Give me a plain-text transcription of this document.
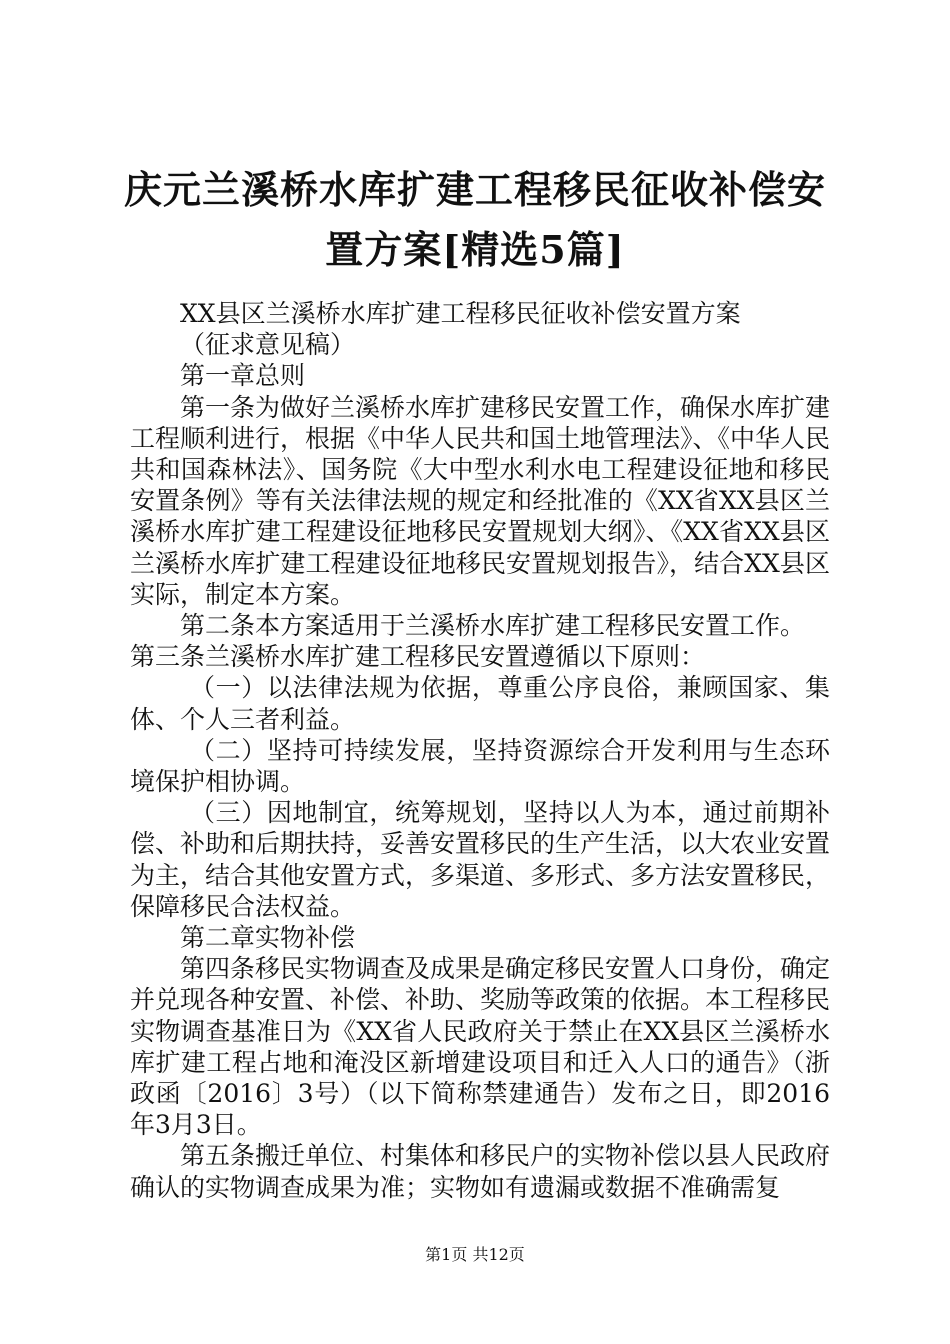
庆元兰溪桥水库扩建工程移民征收补偿安置方案[精选5篇]

XX县区兰溪桥水库扩建工程移民征收补偿安置方案

（征求意见稿）

第一章总则

第一条为做好兰溪桥水库扩建移民安置工作，确保水库扩建工程顺利进行，根据《中华人民共和国土地管理法》、《中华人民共和国森林法》、国务院《大中型水利水电工程建设征地和移民安置条例》等有关法律法规的规定和经批准的《XX省XX县区兰溪桥水库扩建工程建设征地移民安置规划大纲》、《XX省XX县区兰溪桥水库扩建工程建设征地移民安置规划报告》，结合XX县区实际，制定本方案。

第二条本方案适用于兰溪桥水库扩建工程移民安置工作。

第三条兰溪桥水库扩建工程移民安置遵循以下原则：

（一）以法律法规为依据，尊重公序良俗，兼顾国家、集体、个人三者利益。

（二）坚持可持续发展，坚持资源综合开发利用与生态环境保护相协调。

（三）因地制宜，统筹规划，坚持以人为本，通过前期补偿、补助和后期扶持，妥善安置移民的生产生活，以大农业安置为主，结合其他安置方式，多渠道、多形式、多方法安置移民，保障移民合法权益。

第二章实物补偿

第四条移民实物调查及成果是确定移民安置人口身份，确定并兑现各种安置、补偿、补助、奖励等政策的依据。本工程移民实物调查基准日为《XX省人民政府关于禁止在XX县区兰溪桥水库扩建工程占地和淹没区新增建设项目和迁入人口的通告》（浙政函〔2016〕3号）（以下简称禁建通告）发布之日，即2016年3月3日。

第五条搬迁单位、村集体和移民户的实物补偿以县人民政府确认的实物调查成果为准；实物如有遗漏或数据不准确需复

第1页 共12页
